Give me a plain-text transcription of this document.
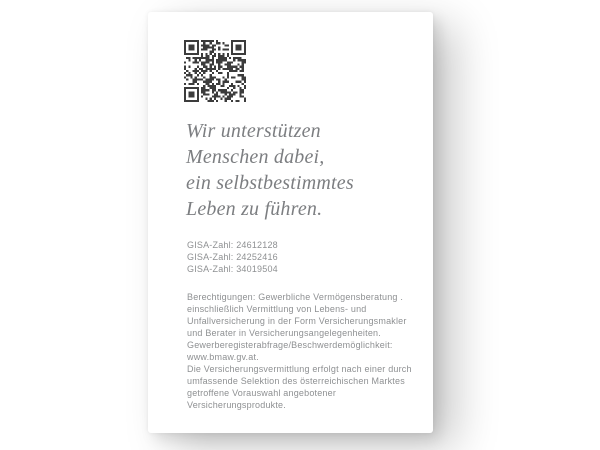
Wir unterstützen
Menschen dabei,
ein selbstbestimmtes
Leben zu führen.
GISA-Zahl: 24612128
GISA-Zahl: 24252416
GISA-Zahl: 34019504
Berechtigungen: Gewerbliche Vermögensberatung .
einschließlich Vermittlung von Lebens- und
Unfallversicherung in der Form Versicherungsmakler
und Berater in Versicherungsangelegenheiten.
Gewerberegisterabfrage/Beschwerdemöglichkeit:
www.bmaw.gv.at.
Die Versicherungsvermittlung erfolgt nach einer durch
umfassende Selektion des österreichischen Marktes
getroffene Vorauswahl angebotener
Versicherungsprodukte.
